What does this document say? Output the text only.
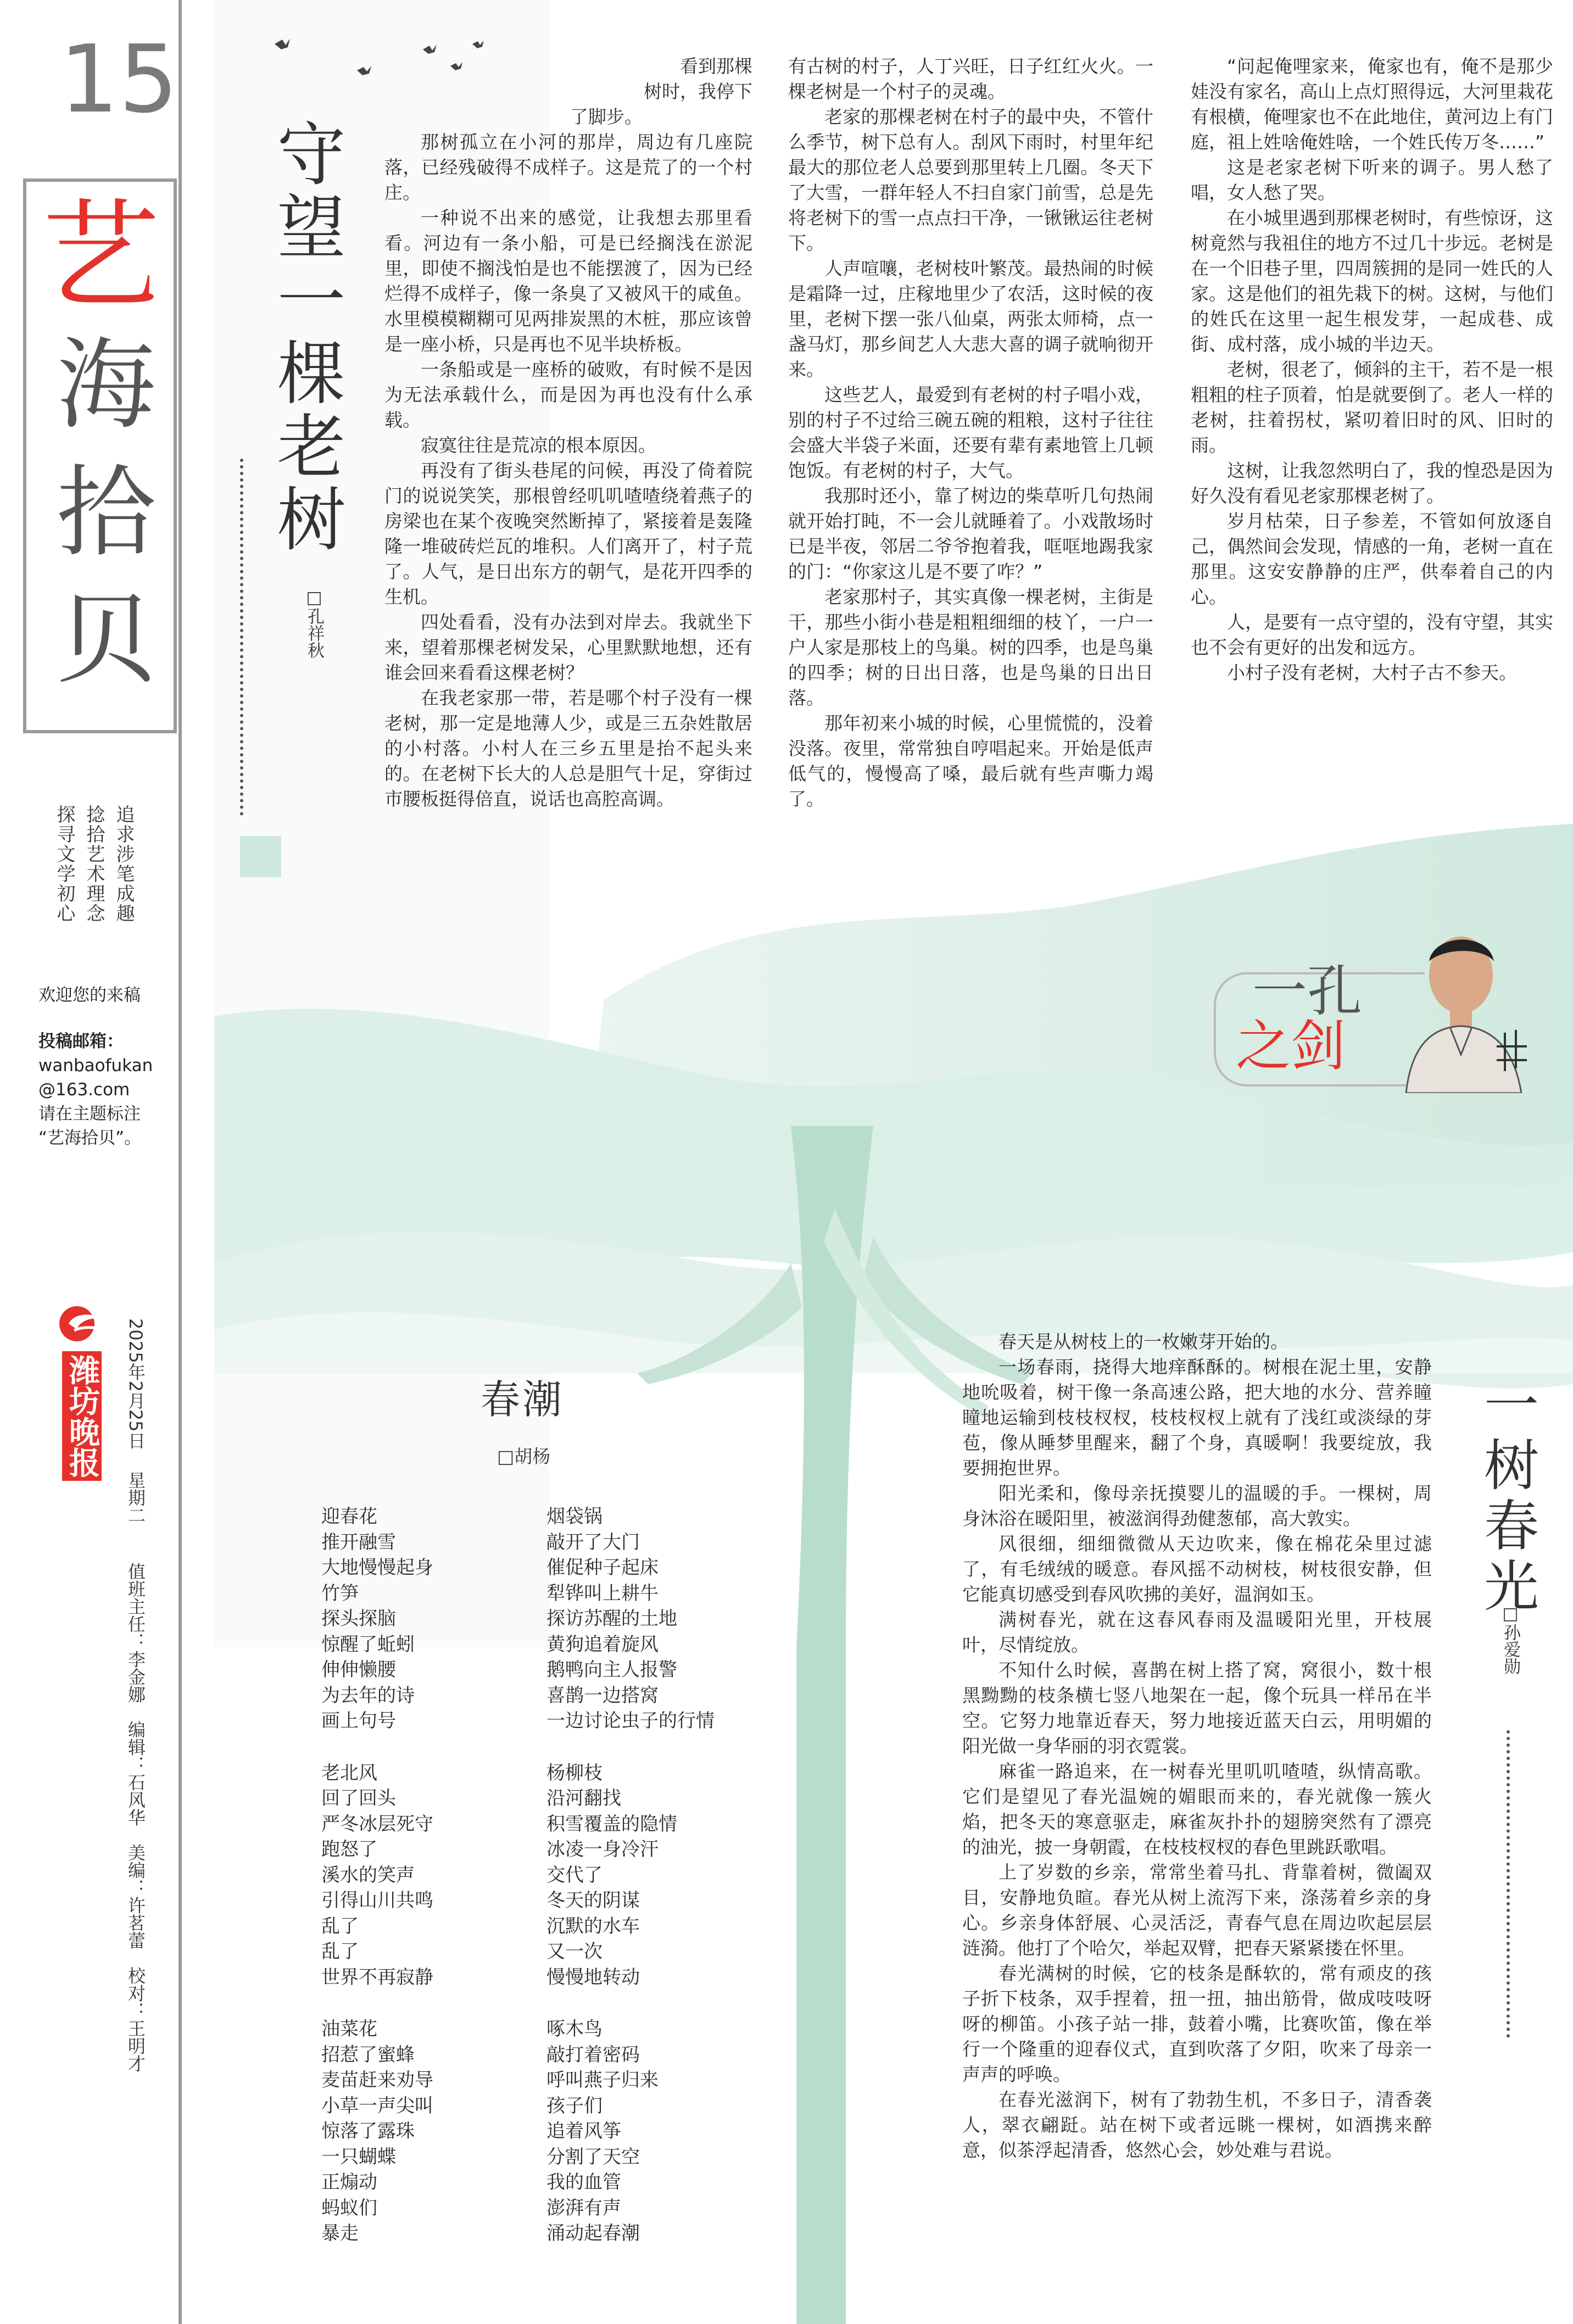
15
艺
海
拾
贝
追求涉笔成趣
捻拾艺术理念
探寻文学初心
欢迎您的来稿
投稿邮箱：
wanbaofukan
@163.com
请在主题标注
“艺海拾贝”。
潍坊晚报 2025年2月25日星期二值班主任：李金娜　编辑：石风华　美编：许茗蕾　校对：王明才
守望一棵老树
□孔祥秋
看到那棵
树时，我停下
了脚步。

那树孤立在小河的那岸，周边有几座院落，已经残破得不成样子。这是荒了的一个村庄。

一种说不出来的感觉，让我想去那里看看。河边有一条小船，可是已经搁浅在淤泥里，即使不搁浅怕是也不能摆渡了，因为已经烂得不成样子，像一条臭了又被风干的咸鱼。水里模模糊糊可见两排炭黑的木桩，那应该曾是一座小桥，只是再也不见半块桥板。

一条船或是一座桥的破败，有时候不是因为无法承载什么，而是因为再也没有什么承载。

寂寞往往是荒凉的根本原因。

再没有了街头巷尾的问候，再没了倚着院门的说说笑笑，那根曾经叽叽喳喳绕着燕子的房梁也在某个夜晚突然断掉了，紧接着是轰隆隆一堆破砖烂瓦的堆积。人们离开了，村子荒了。人气，是日出东方的朝气，是花开四季的生机。

四处看看，没有办法到对岸去。我就坐下来，望着那棵老树发呆，心里默默地想，还有谁会回来看看这棵老树？

在我老家那一带，若是哪个村子没有一棵老树，那一定是地薄人少，或是三五杂姓散居的小村落。小村人在三乡五里是抬不起头来的。在老树下长大的人总是胆气十足，穿街过市腰板挺得倍直，说话也高腔高调。

有古树的村子，人丁兴旺，日子红红火火。一棵老树是一个村子的灵魂。

老家的那棵老树在村子的最中央，不管什么季节，树下总有人。刮风下雨时，村里年纪最大的那位老人总要到那里转上几圈。冬天下了大雪，一群年轻人不扫自家门前雪，总是先将老树下的雪一点点扫干净，一锹锹运往老树下。

人声喧嚷，老树枝叶繁茂。最热闹的时候是霜降一过，庄稼地里少了农活，这时候的夜里，老树下摆一张八仙桌，两张太师椅，点一盏马灯，那乡间艺人大悲大喜的调子就响彻开来。

这些艺人，最爱到有老树的村子唱小戏，别的村子不过给三碗五碗的粗粮，这村子往往会盛大半袋子米面，还要有辈有素地管上几顿饱饭。有老树的村子，大气。

我那时还小，靠了树边的柴草听几句热闹就开始打盹，不一会儿就睡着了。小戏散场时已是半夜，邻居二爷爷抱着我，哐哐地踢我家的门：“你家这儿是不要了咋？”

老家那村子，其实真像一棵老树，主街是干，那些小街小巷是粗粗细细的枝丫，一户一户人家是那枝上的鸟巢。树的四季，也是鸟巢的四季；树的日出日落，也是鸟巢的日出日落。

那年初来小城的时候，心里慌慌的，没着没落。夜里，常常独自哼唱起来。开始是低声低气的，慢慢高了嗓，最后就有些声嘶力竭了。

“问起俺哩家来，俺家也有，俺不是那少娃没有家名，高山上点灯照得远，大河里栽花有根横，俺哩家也不在此地住，黄河边上有门庭，祖上姓啥俺姓啥，一个姓氏传万冬……”

这是老家老树下听来的调子。男人愁了唱，女人愁了哭。

在小城里遇到那棵老树时，有些惊讶，这树竟然与我祖住的地方不过几十步远。老树是在一个旧巷子里，四周簇拥的是同一姓氏的人家。这是他们的祖先栽下的树。这树，与他们的姓氏在这里一起生根发芽，一起成巷、成街、成村落，成小城的半边天。

老树，很老了，倾斜的主干，若不是一根粗粗的柱子顶着，怕是就要倒了。老人一样的老树，拄着拐杖，紧叨着旧时的风、旧时的雨。

这树，让我忽然明白了，我的惶恐是因为好久没有看见老家那棵老树了。

岁月枯荣，日子参差，不管如何放逐自己，偶然间会发现，情感的一角，老树一直在那里。这安安静静的庄严，供奉着自己的内心。

人，是要有一点守望的，没有守望，其实也不会有更好的出发和远方。

小村子没有老树，大村子古不参天。

一孔
之剑
春潮
□胡杨
迎春花
推开融雪
大地慢慢起身
竹笋
探头探脑
惊醒了蚯蚓
伸伸懒腰
为去年的诗
画上句号
老北风
回了回头
严冬冰层死守
跑怒了
溪水的笑声
引得山川共鸣
乱了
乱了
世界不再寂静
油菜花
招惹了蜜蜂
麦苗赶来劝导
小草一声尖叫
惊落了露珠
一只蝴蝶
正煽动
蚂蚁们
暴走
烟袋锅
敲开了大门
催促种子起床
犁铧叫上耕牛
探访苏醒的土地
黄狗追着旋风
鹅鸭向主人报警
喜鹊一边搭窝
一边讨论虫子的行情
杨柳枝
沿河翻找
积雪覆盖的隐情
冰凌一身冷汗
交代了
冬天的阴谋
沉默的水车
又一次
慢慢地转动
啄木鸟
敲打着密码
呼叫燕子归来
孩子们
追着风筝
分割了天空
我的血管
澎湃有声
涌动起春潮
一树春光
□孙爱勋

春天是从树枝上的一枚嫩芽开始的。

一场春雨，挠得大地痒酥酥的。树根在泥土里，安静地吮吸着，树干像一条高速公路，把大地的水分、营养瞳瞳地运输到枝枝杈杈，枝枝杈杈上就有了浅红或淡绿的芽苞，像从睡梦里醒来，翻了个身，真暖啊！我要绽放，我要拥抱世界。

阳光柔和，像母亲抚摸婴儿的温暖的手。一棵树，周身沐浴在暖阳里，被滋润得劲健葱郁，高大敦实。

风很细，细细微微从天边吹来，像在棉花朵里过滤了，有毛绒绒的暖意。春风摇不动树枝，树枝很安静，但它能真切感受到春风吹拂的美好，温润如玉。

满树春光，就在这春风春雨及温暖阳光里，开枝展叶，尽情绽放。

不知什么时候，喜鹊在树上搭了窝，窝很小，数十根黑黝黝的枝条横七竖八地架在一起，像个玩具一样吊在半空。它努力地靠近春天，努力地接近蓝天白云，用明媚的阳光做一身华丽的羽衣霓裳。

麻雀一路追来，在一树春光里叽叽喳喳，纵情高歌。它们是望见了春光温婉的媚眼而来的，春光就像一簇火焰，把冬天的寒意驱走，麻雀灰扑扑的翅膀突然有了漂亮的油光，披一身朝霞，在枝枝杈杈的春色里跳跃歌唱。

上了岁数的乡亲，常常坐着马扎、背靠着树，微阖双目，安静地负暄。春光从树上流泻下来，涤荡着乡亲的身心。乡亲身体舒展、心灵活泛，青春气息在周边吹起层层涟漪。他打了个哈欠，举起双臂，把春天紧紧搂在怀里。

春光满树的时候，它的枝条是酥软的，常有顽皮的孩子折下枝条，双手捏着，扭一扭，抽出筋骨，做成吱吱呀呀的柳笛。小孩子站一排，鼓着小嘴，比赛吹笛，像在举行一个隆重的迎春仪式，直到吹落了夕阳，吹来了母亲一声声的呼唤。

在春光滋润下，树有了勃勃生机，不多日子，清香袭人，翠衣翩跹。站在树下或者远眺一棵树，如酒携来醉意，似茶浮起清香，悠然心会，妙处难与君说。
